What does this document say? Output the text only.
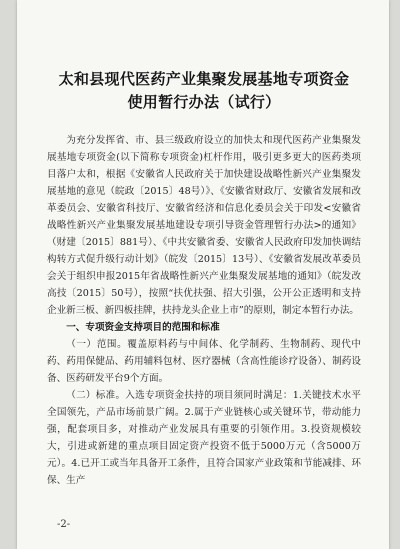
太和县现代医药产业集聚发展基地专项资金
使用暂行办法（试行）

为充分发挥省、市、县三级政府设立的加快太和现代医药产业集聚发展基地专项资金(以下简称专项资金)杠杆作用，吸引更多更大的医药类项目落户太和，根据《安徽省人民政府关于加快建设战略性新兴产业集聚发展基地的意见（皖政〔2015〕48号）》、《安徽省财政厅、安徽省发展和改革委员会、安徽省科技厅、安徽省经济和信息化委员会关于印发<安徽省战略性新兴产业集聚发展基地建设专项引导资金管理暂行办法>的通知》（财建〔2015〕881号）、《中共安徽省委、安徽省人民政府印发加快调结构转方式促升级行动计划》（皖发〔2015〕13号）、《安徽省发展改革委员会关于组织申报2015年省战略性新兴产业集聚发展基地的通知》（皖发改高技〔2015〕50号），按照“扶优扶强、招大引强，公开公正透明和支持企业新三板、新四板挂牌，扶持龙头企业上市”的原则，制定本暂行办法。

一、专项资金支持项目的范围和标准

（一）范围。覆盖原料药与中间体、化学制药、生物制药、现代中药、药用保健品、药用辅料包材、医疗器械（含高性能诊疗设备）、制药设备、医药研发平台9个方面。

（二）标准。入选专项资金扶持的项目须同时满足：1.关键技术水平全国领先，产品市场前景广阔。2.属于产业链核心或关键环节，带动能力强，配套项目多，对推动产业发展具有重要的引领作用。3.投资规模较大，引进或新建的重点项目固定资产投资不低于5000万元（含5000万元）。4.已开工或当年具备开工条件，且符合国家产业政策和节能减排、环保、生产

-2-
